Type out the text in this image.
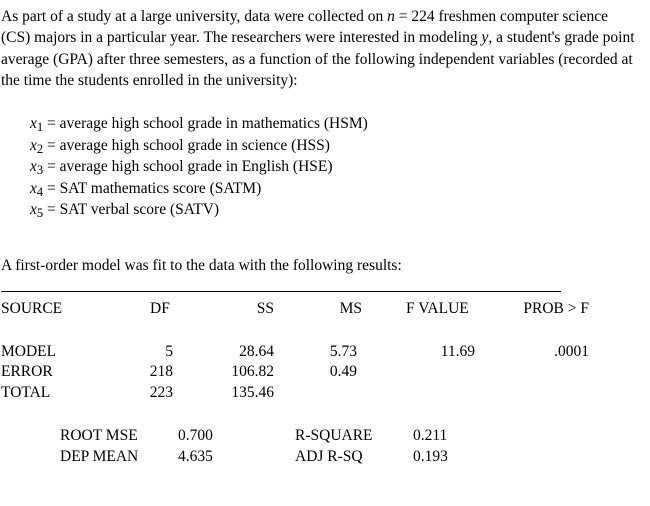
As part of a study at a large university, data were collected on n = 224 freshmen computer science (CS) majors in a particular year. The researchers were interested in modeling y, a student's grade point average (GPA) after three semesters, as a function of the following independent variables (recorded at the time the students enrolled in the university):

$x_1$ = average high school grade in mathematics (HSM)
$x_2$ = average high school grade in science (HSS)
$x_3$ = average high school grade in English (HSE)
$x_4$ = SAT mathematics score (SATM)
$x_5$ = SAT verbal score (SATV)
A first-order model was fit to the data with the following results:
SOURCE	DF	SS	MS	F VALUE	PROB > F
MODEL	5	28.64	5.73	11.69	.0001
ERROR	218	106.82	0.49
TOTAL	223	135.46
ROOT MSE	0.700	R-SQUARE	0.211
DEP MEAN	4.635	ADJ R-SQ	0.193
